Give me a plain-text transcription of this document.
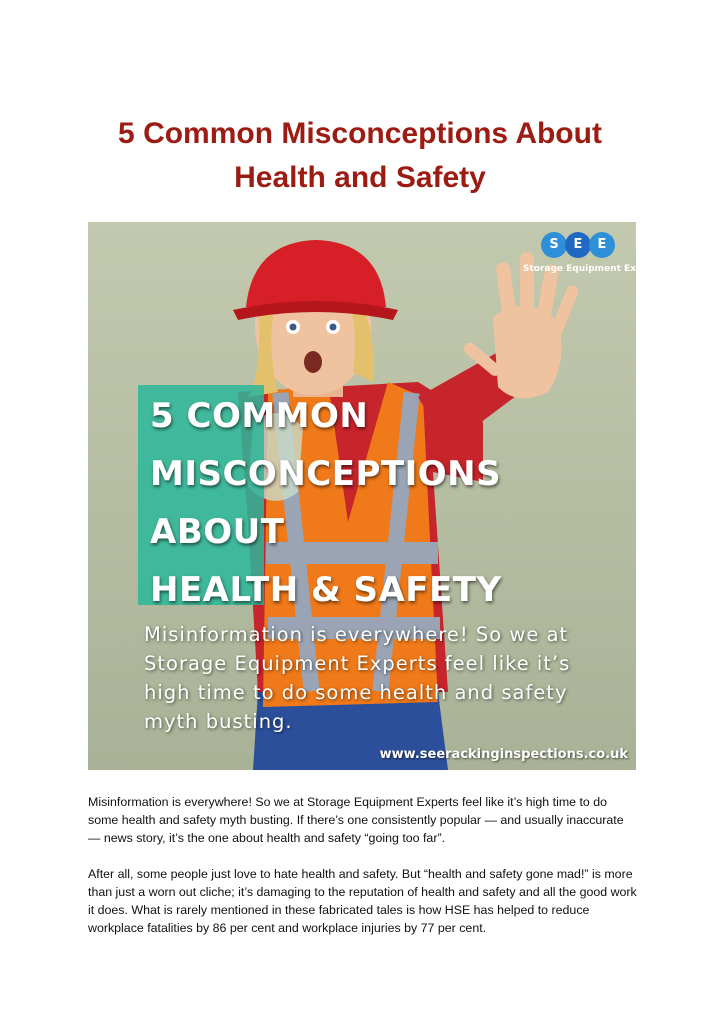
5 Common Misconceptions About
Health and Safety
S	E	E
Storage Equipment Experts
5 COMMON
MISCONCEPTIONS
ABOUT
HEALTH & SAFETY
Misinformation is everywhere! So we at
Storage Equipment Experts feel like it’s
high time to do some health and safety
myth busting.
www.seerackinginspections.co.uk

Misinformation is everywhere! So we at Storage Equipment Experts feel like it’s high time to do some health and safety myth busting. If there’s one consistently popular — and usually inaccurate — news story, it’s the one about health and safety “going too far”.

After all, some people just love to hate health and safety. But “health and safety gone mad!” is more than just a worn out cliche; it’s damaging to the reputation of health and safety and all the good work it does. What is rarely mentioned in these fabricated tales is how HSE has helped to reduce workplace fatalities by 86 per cent and workplace injuries by 77 per cent.
